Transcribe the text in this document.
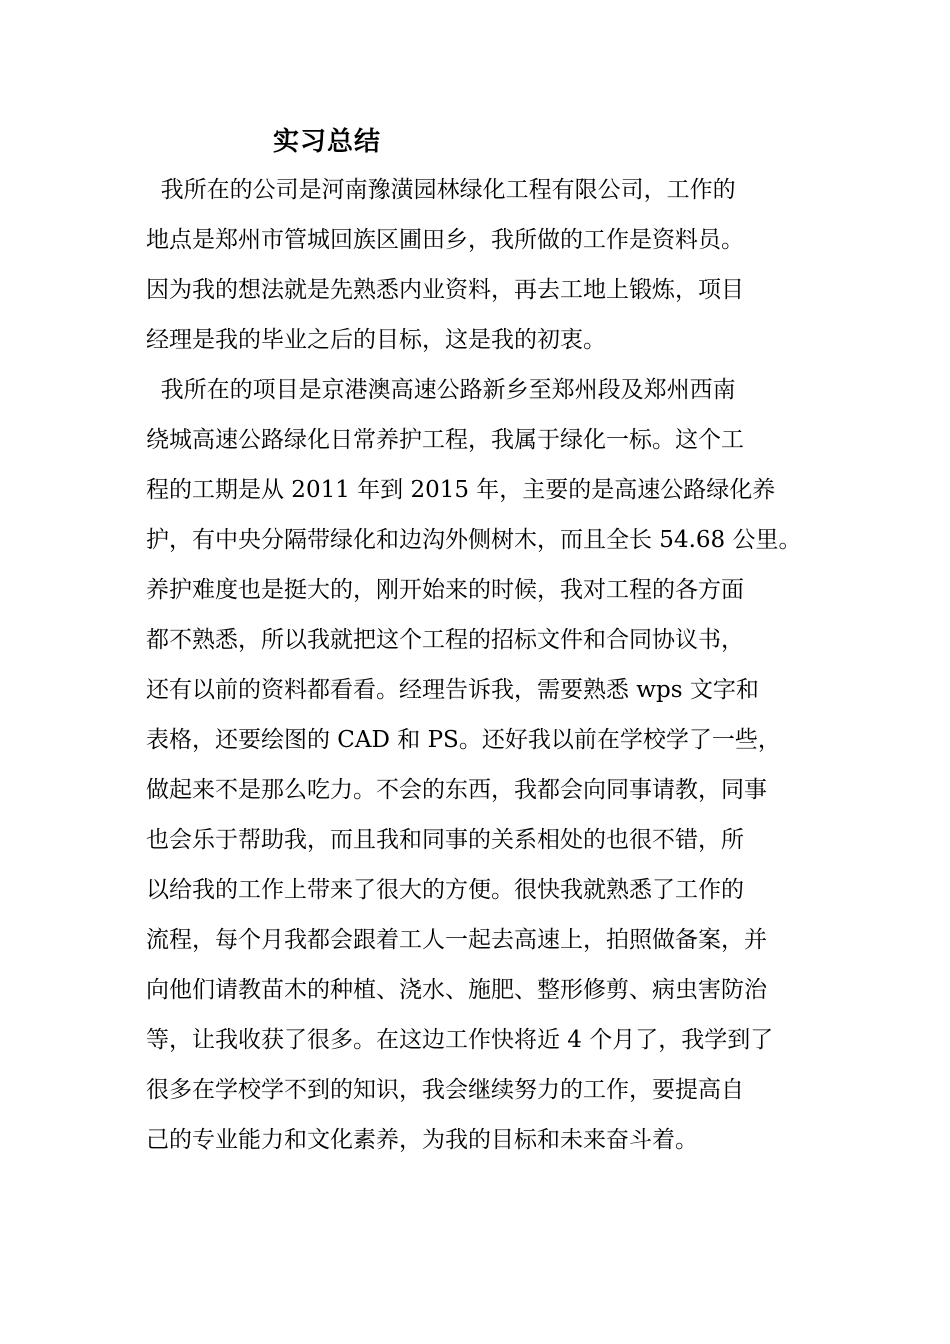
实习总结
我所在的公司是河南豫潢园林绿化工程有限公司，工作的
地点是郑州市管城回族区圃田乡，我所做的工作是资料员。
因为我的想法就是先熟悉内业资料，再去工地上锻炼，项目
经理是我的毕业之后的目标，这是我的初衷。
我所在的项目是京港澳高速公路新乡至郑州段及郑州西南
绕城高速公路绿化日常养护工程，我属于绿化一标。这个工
程的工期是从 2011 年到 2015 年，主要的是高速公路绿化养
护，有中央分隔带绿化和边沟外侧树木，而且全长 54.68 公里。
养护难度也是挺大的，刚开始来的时候，我对工程的各方面
都不熟悉，所以我就把这个工程的招标文件和合同协议书，
还有以前的资料都看看。经理告诉我，需要熟悉 wps 文字和
表格，还要绘图的 CAD 和 PS。还好我以前在学校学了一些，
做起来不是那么吃力。不会的东西，我都会向同事请教，同事
也会乐于帮助我，而且我和同事的关系相处的也很不错，所
以给我的工作上带来了很大的方便。很快我就熟悉了工作的
流程，每个月我都会跟着工人一起去高速上，拍照做备案，并
向他们请教苗木的种植、浇水、施肥、整形修剪、病虫害防治
等，让我收获了很多。在这边工作快将近 4 个月了，我学到了
很多在学校学不到的知识，我会继续努力的工作，要提高自
己的专业能力和文化素养，为我的目标和未来奋斗着。
